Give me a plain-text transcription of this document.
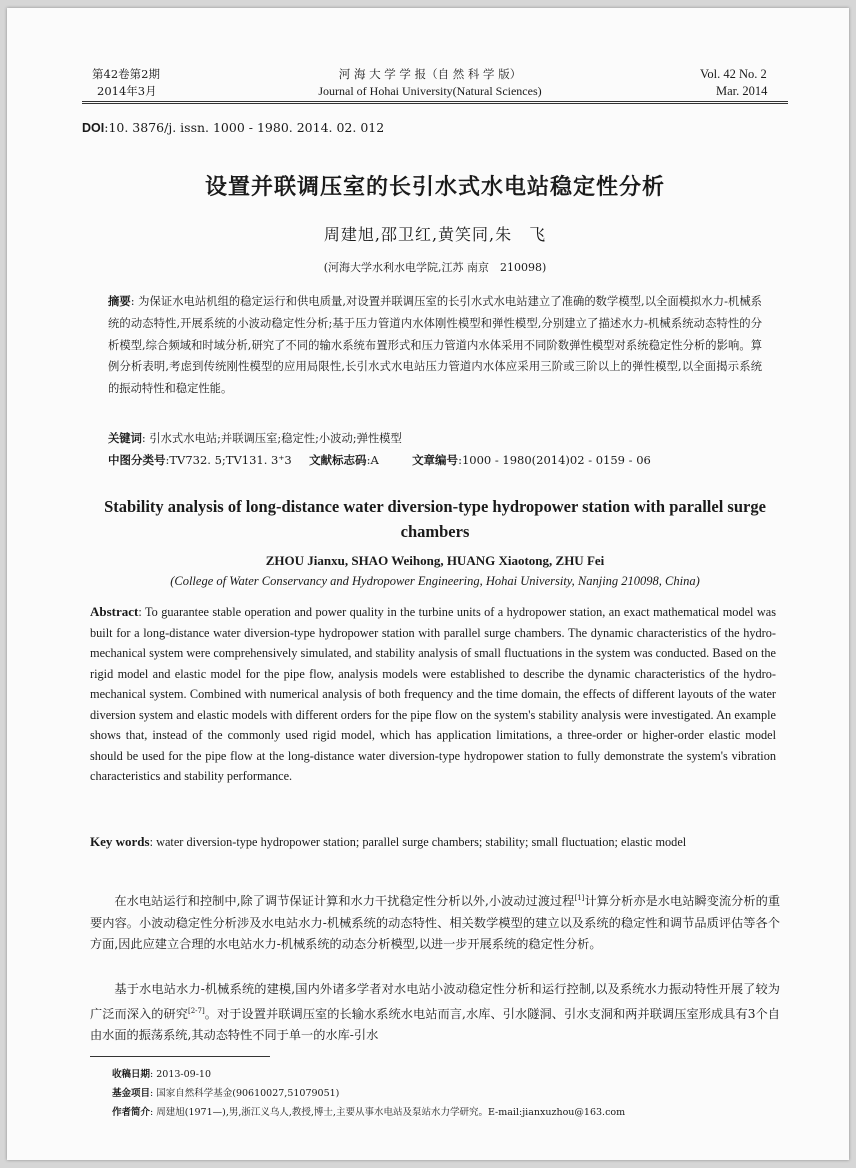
第42卷第2期
2014年3月
河 海 大 学 学 报（自 然 科 学 版）
Journal of Hohai University(Natural Sciences)
Vol. 42 No. 2
Mar. 2014
DOI:10. 3876/j. issn. 1000 - 1980. 2014. 02. 012
设置并联调压室的长引水式水电站稳定性分析
周建旭,邵卫红,黄笑同,朱　飞
(河海大学水利水电学院,江苏 南京　210098)

摘要: 为保证水电站机组的稳定运行和供电质量,对设置并联调压室的长引水式水电站建立了准确的数学模型,以全面模拟水力-机械系统的动态特性,开展系统的小波动稳定性分析;基于压力管道内水体刚性模型和弹性模型,分别建立了描述水力-机械系统动态特性的分析模型,综合频域和时域分析,研究了不同的输水系统布置形式和压力管道内水体采用不同阶数弹性模型对系统稳定性分析的影响。算例分析表明,考虑到传统刚性模型的应用局限性,长引水式水电站压力管道内水体应采用三阶或三阶以上的弹性模型,以全面揭示系统的振动特性和稳定性能。

关键词: 引水式水电站;并联调压室;稳定性;小波动;弹性模型

中图分类号:TV732. 5;TV131. 3⁺3 文献标志码:A	文章编号:1000 - 1980(2014)02 - 0159 - 06
Stability analysis of long-distance water diversion-type hydropower station with parallel surge chambers
ZHOU Jianxu, SHAO Weihong, HUANG Xiaotong, ZHU Fei
(College of Water Conservancy and Hydropower Engineering, Hohai University, Nanjing 210098, China)

Abstract: To guarantee stable operation and power quality in the turbine units of a hydropower station, an exact mathematical model was built for a long-distance water diversion-type hydropower station with parallel surge chambers. The dynamic characteristics of the hydro-mechanical system were comprehensively simulated, and stability analysis of small fluctuations in the system was conducted. Based on the rigid model and elastic model for the pipe flow, analysis models were established to describe the dynamic characteristics of the hydro-mechanical system. Combined with numerical analysis of both frequency and the time domain, the effects of different layouts of the water diversion system and elastic models with different orders for the pipe flow on the system's stability analysis were investigated. An example shows that, instead of the commonly used rigid model, which has application limitations, a three-order or higher-order elastic model should be used for the pipe flow at the long-distance water diversion-type hydropower station to fully demonstrate the system's vibration characteristics and stability performance.

Key words: water diversion-type hydropower station; parallel surge chambers; stability; small fluctuation; elastic model

在水电站运行和控制中,除了调节保证计算和水力干扰稳定性分析以外,小波动过渡过程[1]计算分析亦是水电站瞬变流分析的重要内容。小波动稳定性分析涉及水电站水力-机械系统的动态特性、相关数学模型的建立以及系统的稳定性和调节品质评估等各个方面,因此应建立合理的水电站水力-机械系统的动态分析模型,以进一步开展系统的稳定性分析。

基于水电站水力-机械系统的建模,国内外诸多学者对水电站小波动稳定性分析和运行控制,以及系统水力振动特性开展了较为广泛而深入的研究[2-7]。对于设置并联调压室的长输水系统水电站而言,水库、引水隧洞、引水支洞和两并联调压室形成具有3个自由水面的振荡系统,其动态特性不同于单一的水库-引水

收稿日期: 2013-09-10
基金项目: 国家自然科学基金(90610027,51079051)
作者简介: 周建旭(1971—),男,浙江义乌人,教授,博士,主要从事水电站及泵站水力学研究。E-mail:jianxuzhou@163.com
